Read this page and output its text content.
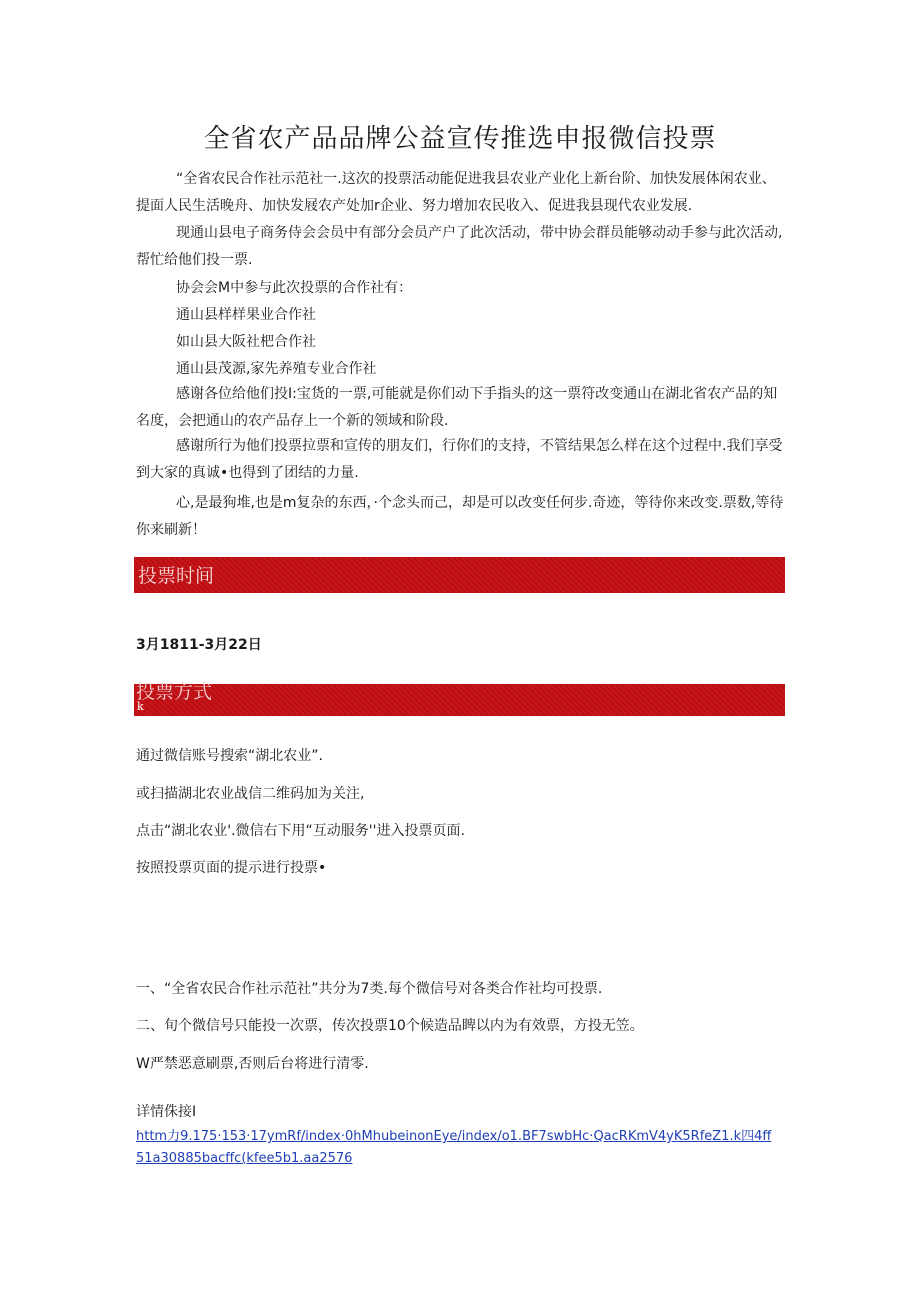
全省农产品品牌公益宣传推选申报微信投票

“全省农民合作社示范社一.这次的投票活动能促进我县农业产业化上新台阶、加快发展体闲农业、提面人民生活晚舟、加快发屐农产处加r企业、努力增加农民收入、促进我县现代农业发展.

现通山县电子商务侍会会员中有部分会员产户了此次活动，带中协会群员能够动动手参与此次活动,帮忙给他们投一票.

协会会M中参与此次投票的合作社有：
通山县样样果业合作社
如山县大阪社杷合作社
通山县茂源,家先养殖专业合作社

感谢各位给他们投I:宝货的一票,可能就是你们动下手指头的这一票符改变通山在湖北省农产品的知名度，会把通山的农产品存上一个新的领域和阶段.

感谢所行为他们投票拉票和宣传的朋友们，行你们的支持，不管结果怎么样在这个过程中.我们享受到大家的真诚•也得到了团结的力量.

心,是最狗堆,也是m复杂的东西，·个念头而己，却是可以改变任何步.奇迹，等待你来改变.票数,等待你来刷新！

投票时间
3月1811-3月22日
投票方式
k
通过微信账号搜索“湖北农业”.
或扫描湖北农业战信二维码加为关注,
点击“湖北农业'.微信右下用“互动服务''进入投票页面.
按照投票页面的提示进行投票•
一、“全省农民合作社示范社”共分为7类.每个微信号对各类合作社均可投票.
二、旬个微信号只能投一次票，传次投票10个候造品睥以内为有效票，方投无笠。
W严禁恶意刷票,否则后台将进行清零.
详情侏接I
httm力9.175·153·17ymRf/index·0hMhubeinonEye/index/o1.BF7swbHc·QacRKmV4yK5RfeZ1.k四4ff51a30885bacffc(kfee5b1.aa2576
